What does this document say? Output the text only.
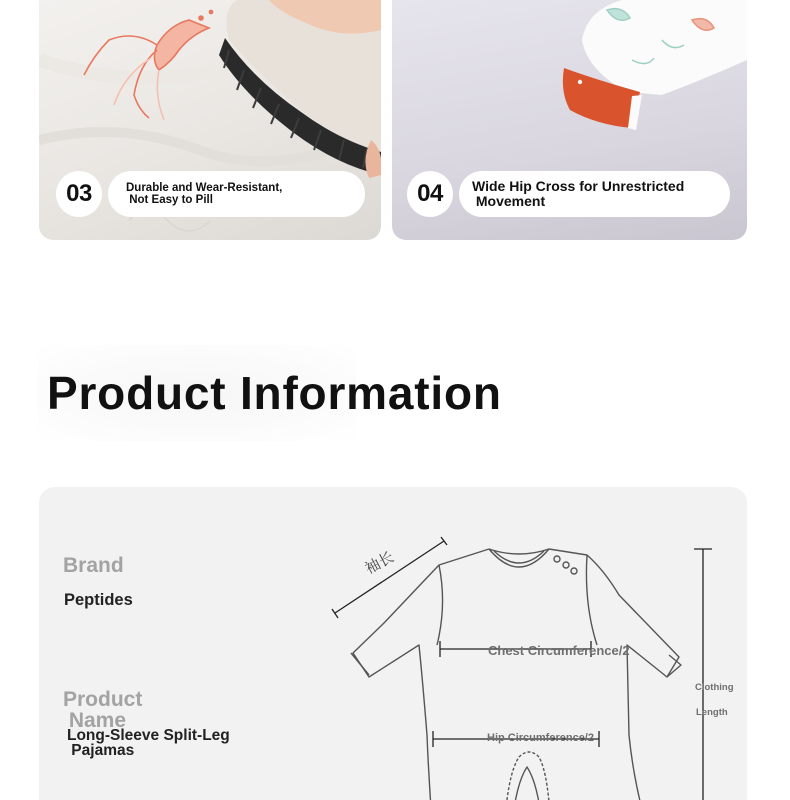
03	Durable and Wear-Resistant,
Not Easy to Pill	04	Wide Hip Cross for Unrestricted
Movement
Product Information
Brand
Peptides
Product
Name
Long-Sleeve Split-Leg
Pajamas
袖长
Chest Circumference/2
Hip Circumference/2
Clothing
Length
